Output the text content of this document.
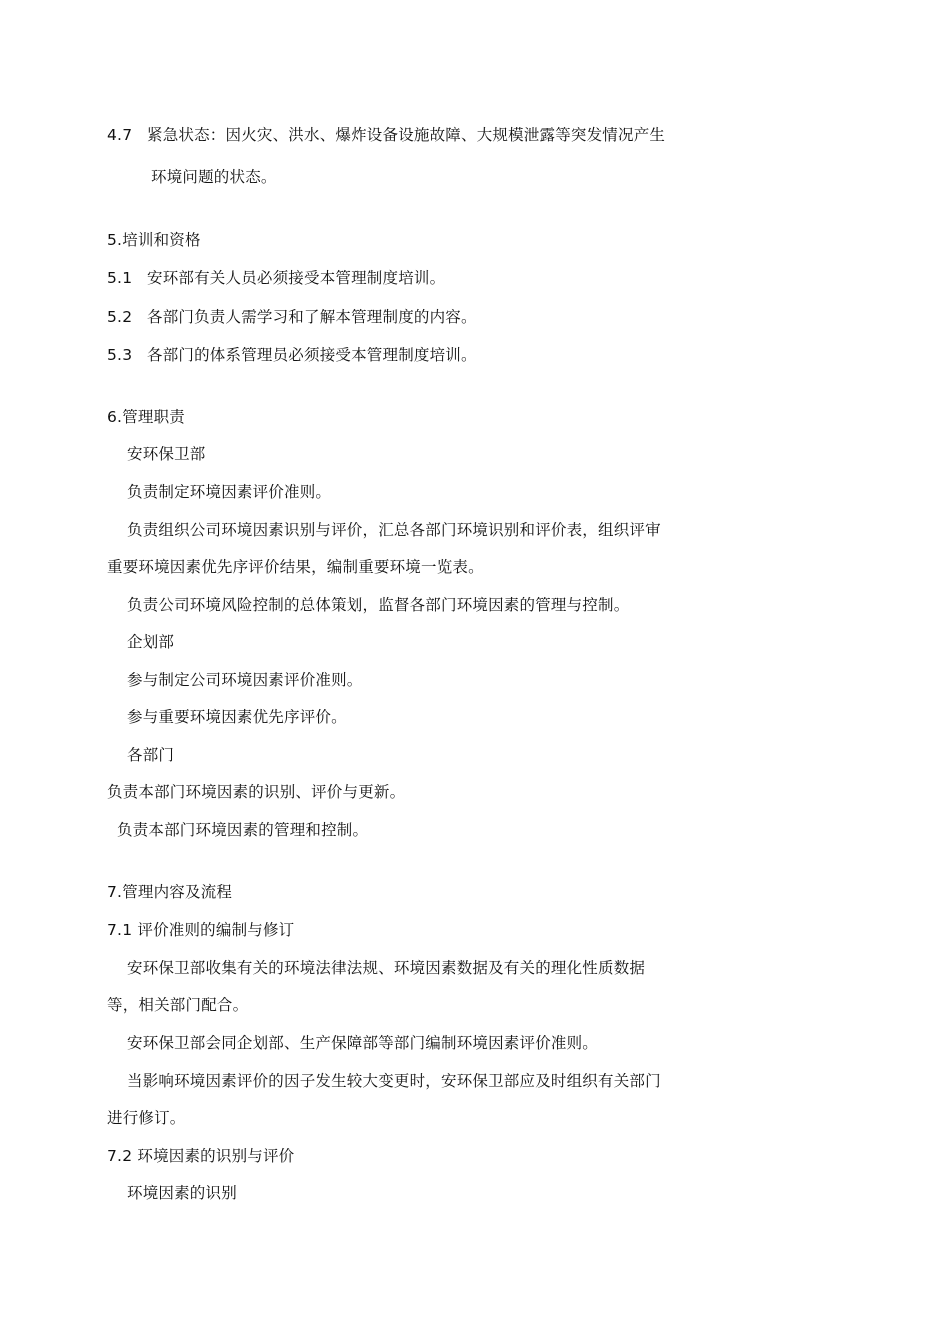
4.7 紧急状态：因火灾、洪水、爆炸设备设施故障、大规模泄露等突发情况产生

环境问题的状态。

5.培训和资格

5.1 安环部有关人员必须接受本管理制度培训。

5.2 各部门负责人需学习和了解本管理制度的内容。

5.3 各部门的体系管理员必须接受本管理制度培训。

6.管理职责

安环保卫部

负责制定环境因素评价准则。

负责组织公司环境因素识别与评价，汇总各部门环境识别和评价表，组织评审

重要环境因素优先序评价结果，编制重要环境一览表。

负责公司环境风险控制的总体策划，监督各部门环境因素的管理与控制。

企划部

参与制定公司环境因素评价准则。

参与重要环境因素优先序评价。

各部门

负责本部门环境因素的识别、评价与更新。

负责本部门环境因素的管理和控制。

7.管理内容及流程

7.1 评价准则的编制与修订

安环保卫部收集有关的环境法律法规、环境因素数据及有关的理化性质数据

等，相关部门配合。

安环保卫部会同企划部、生产保障部等部门编制环境因素评价准则。

当影响环境因素评价的因子发生较大变更时，安环保卫部应及时组织有关部门

进行修订。

7.2 环境因素的识别与评价

环境因素的识别
